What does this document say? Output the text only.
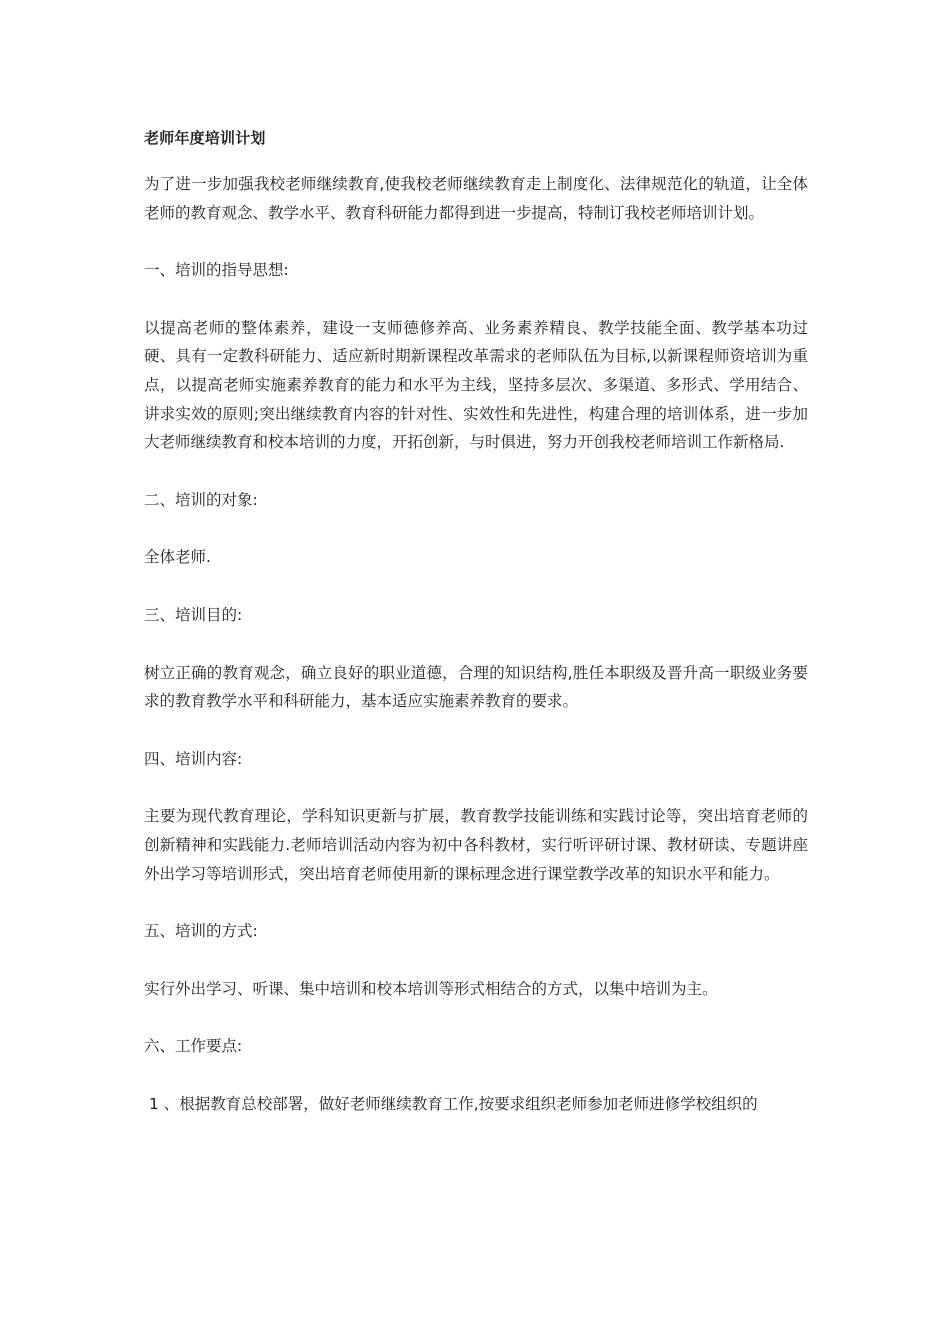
老师年度培训计划

为了进一步加强我校老师继续教育,使我校老师继续教育走上制度化、法律规范化的轨道，让全体老师的教育观念、教学水平、教育科研能力都得到进一步提高，特制订我校老师培训计划。

一、培训的指导思想:

以提高老师的整体素养，建设一支师德修养高、业务素养精良、教学技能全面、教学基本功过硬、具有一定教科研能力、适应新时期新课程改革需求的老师队伍为目标,以新课程师资培训为重点，以提高老师实施素养教育的能力和水平为主线，坚持多层次、多渠道、多形式、学用结合、讲求实效的原则;突出继续教育内容的针对性、实效性和先进性，构建合理的培训体系，进一步加大老师继续教育和校本培训的力度，开拓创新，与时俱进，努力开创我校老师培训工作新格局.

二、培训的对象:

全体老师.

三、培训目的:

树立正确的教育观念，确立良好的职业道德，合理的知识结构,胜任本职级及晋升高一职级业务要求的教育教学水平和科研能力，基本适应实施素养教育的要求。

四、培训内容:

主要为现代教育理论，学科知识更新与扩展，教育教学技能训练和实践讨论等，突出培育老师的创新精神和实践能力.老师培训活动内容为初中各科教材，实行听评研讨课、教材研读、专题讲座外出学习等培训形式，突出培育老师使用新的课标理念进行课堂教学改革的知识水平和能力。

五、培训的方式:

实行外出学习、听课、集中培训和校本培训等形式相结合的方式，以集中培训为主。

六、工作要点:

1 、根据教育总校部署，做好老师继续教育工作,按要求组织老师参加老师进修学校组织的
